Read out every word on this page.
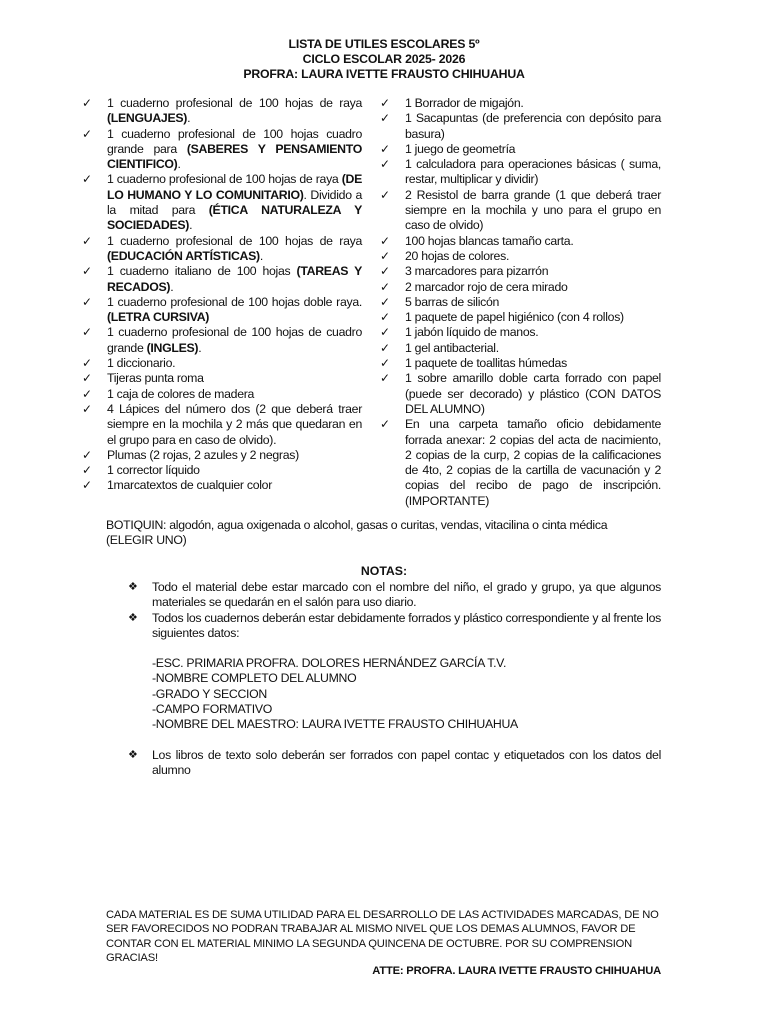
LISTA DE UTILES ESCOLARES 5º
CICLO ESCOLAR 2025- 2026
PROFRA: LAURA IVETTE FRAUSTO CHIHUAHUA
✓ 1 cuaderno profesional de 100 hojas de raya (LENGUAJES).
✓ 1 cuaderno profesional de 100 hojas cuadro grande para (SABERES Y PENSAMIENTO CIENTIFICO).
✓ 1 cuaderno profesional de 100 hojas de raya (DE LO HUMANO Y LO COMUNITARIO). Dividido a la mitad para (ÉTICA NATURALEZA Y SOCIEDADES).
✓ 1 cuaderno profesional de 100 hojas de raya (EDUCACIÓN ARTÍSTICAS).
✓ 1 cuaderno italiano de 100 hojas (TAREAS Y RECADOS).
✓ 1 cuaderno profesional de 100 hojas doble raya. (LETRA CURSIVA)
✓ 1 cuaderno profesional de 100 hojas de cuadro grande (INGLES).
✓ 1 diccionario.
✓ Tijeras punta roma
✓ 1 caja de colores de madera
✓ 4 Lápices del número dos (2 que deberá traer siempre en la mochila y 2 más que quedaran en el grupo para en caso de olvido).
✓ Plumas (2 rojas, 2 azules y 2 negras)
✓ 1 corrector líquido
✓ 1marcatextos de cualquier color
✓ 1 Borrador de migajón.
✓ 1 Sacapuntas (de preferencia con depósito para basura)
✓ 1 juego de geometría
✓ 1 calculadora para operaciones básicas ( suma, restar, multiplicar y dividir)
✓ 2 Resistol de barra grande (1 que deberá traer siempre en la mochila y uno para el grupo en caso de olvido)
✓ 100 hojas blancas tamaño carta.
✓ 20 hojas de colores.
✓ 3 marcadores para pizarrón
✓ 2 marcador rojo de cera mirado
✓ 5 barras de silicón
✓ 1 paquete de papel higiénico (con 4 rollos)
✓ 1 jabón líquido de manos.
✓ 1 gel antibacterial.
✓ 1 paquete de toallitas húmedas
✓ 1 sobre amarillo doble carta forrado con papel (puede ser decorado) y plástico (CON DATOS DEL ALUMNO)
✓ En una carpeta tamaño oficio debidamente forrada anexar: 2 copias del acta de nacimiento, 2 copias de la curp, 2 copias de la calificaciones de 4to, 2 copias de la cartilla de vacunación y 2 copias del recibo de pago de inscripción. (IMPORTANTE)
BOTIQUIN: algodón, agua oxigenada o alcohol, gasas o curitas, vendas, vitacilina o cinta médica
(ELEGIR UNO)
NOTAS:
❖ Todo el material debe estar marcado con el nombre del niño, el grado y grupo, ya que algunos materiales se quedarán en el salón para uso diario.
❖ Todos los cuadernos deberán estar debidamente forrados y plástico correspondiente y al frente los siguientes datos:
-ESC. PRIMARIA PROFRA. DOLORES HERNÁNDEZ GARCÍA T.V.
-NOMBRE COMPLETO DEL ALUMNO
-GRADO Y SECCION
-CAMPO FORMATIVO
-NOMBRE DEL MAESTRO: LAURA IVETTE FRAUSTO CHIHUAHUA
❖ Los libros de texto solo deberán ser forrados con papel contac y etiquetados con los datos del alumno
CADA MATERIAL ES DE SUMA UTILIDAD PARA EL DESARROLLO DE LAS ACTIVIDADES MARCADAS, DE NO SER FAVORECIDOS NO PODRAN TRABAJAR AL MISMO NIVEL QUE LOS DEMAS ALUMNOS, FAVOR DE CONTAR CON EL MATERIAL MINIMO LA SEGUNDA QUINCENA DE OCTUBRE. POR SU COMPRENSION GRACIAS!
ATTE: PROFRA. LAURA IVETTE FRAUSTO CHIHUAHUA
